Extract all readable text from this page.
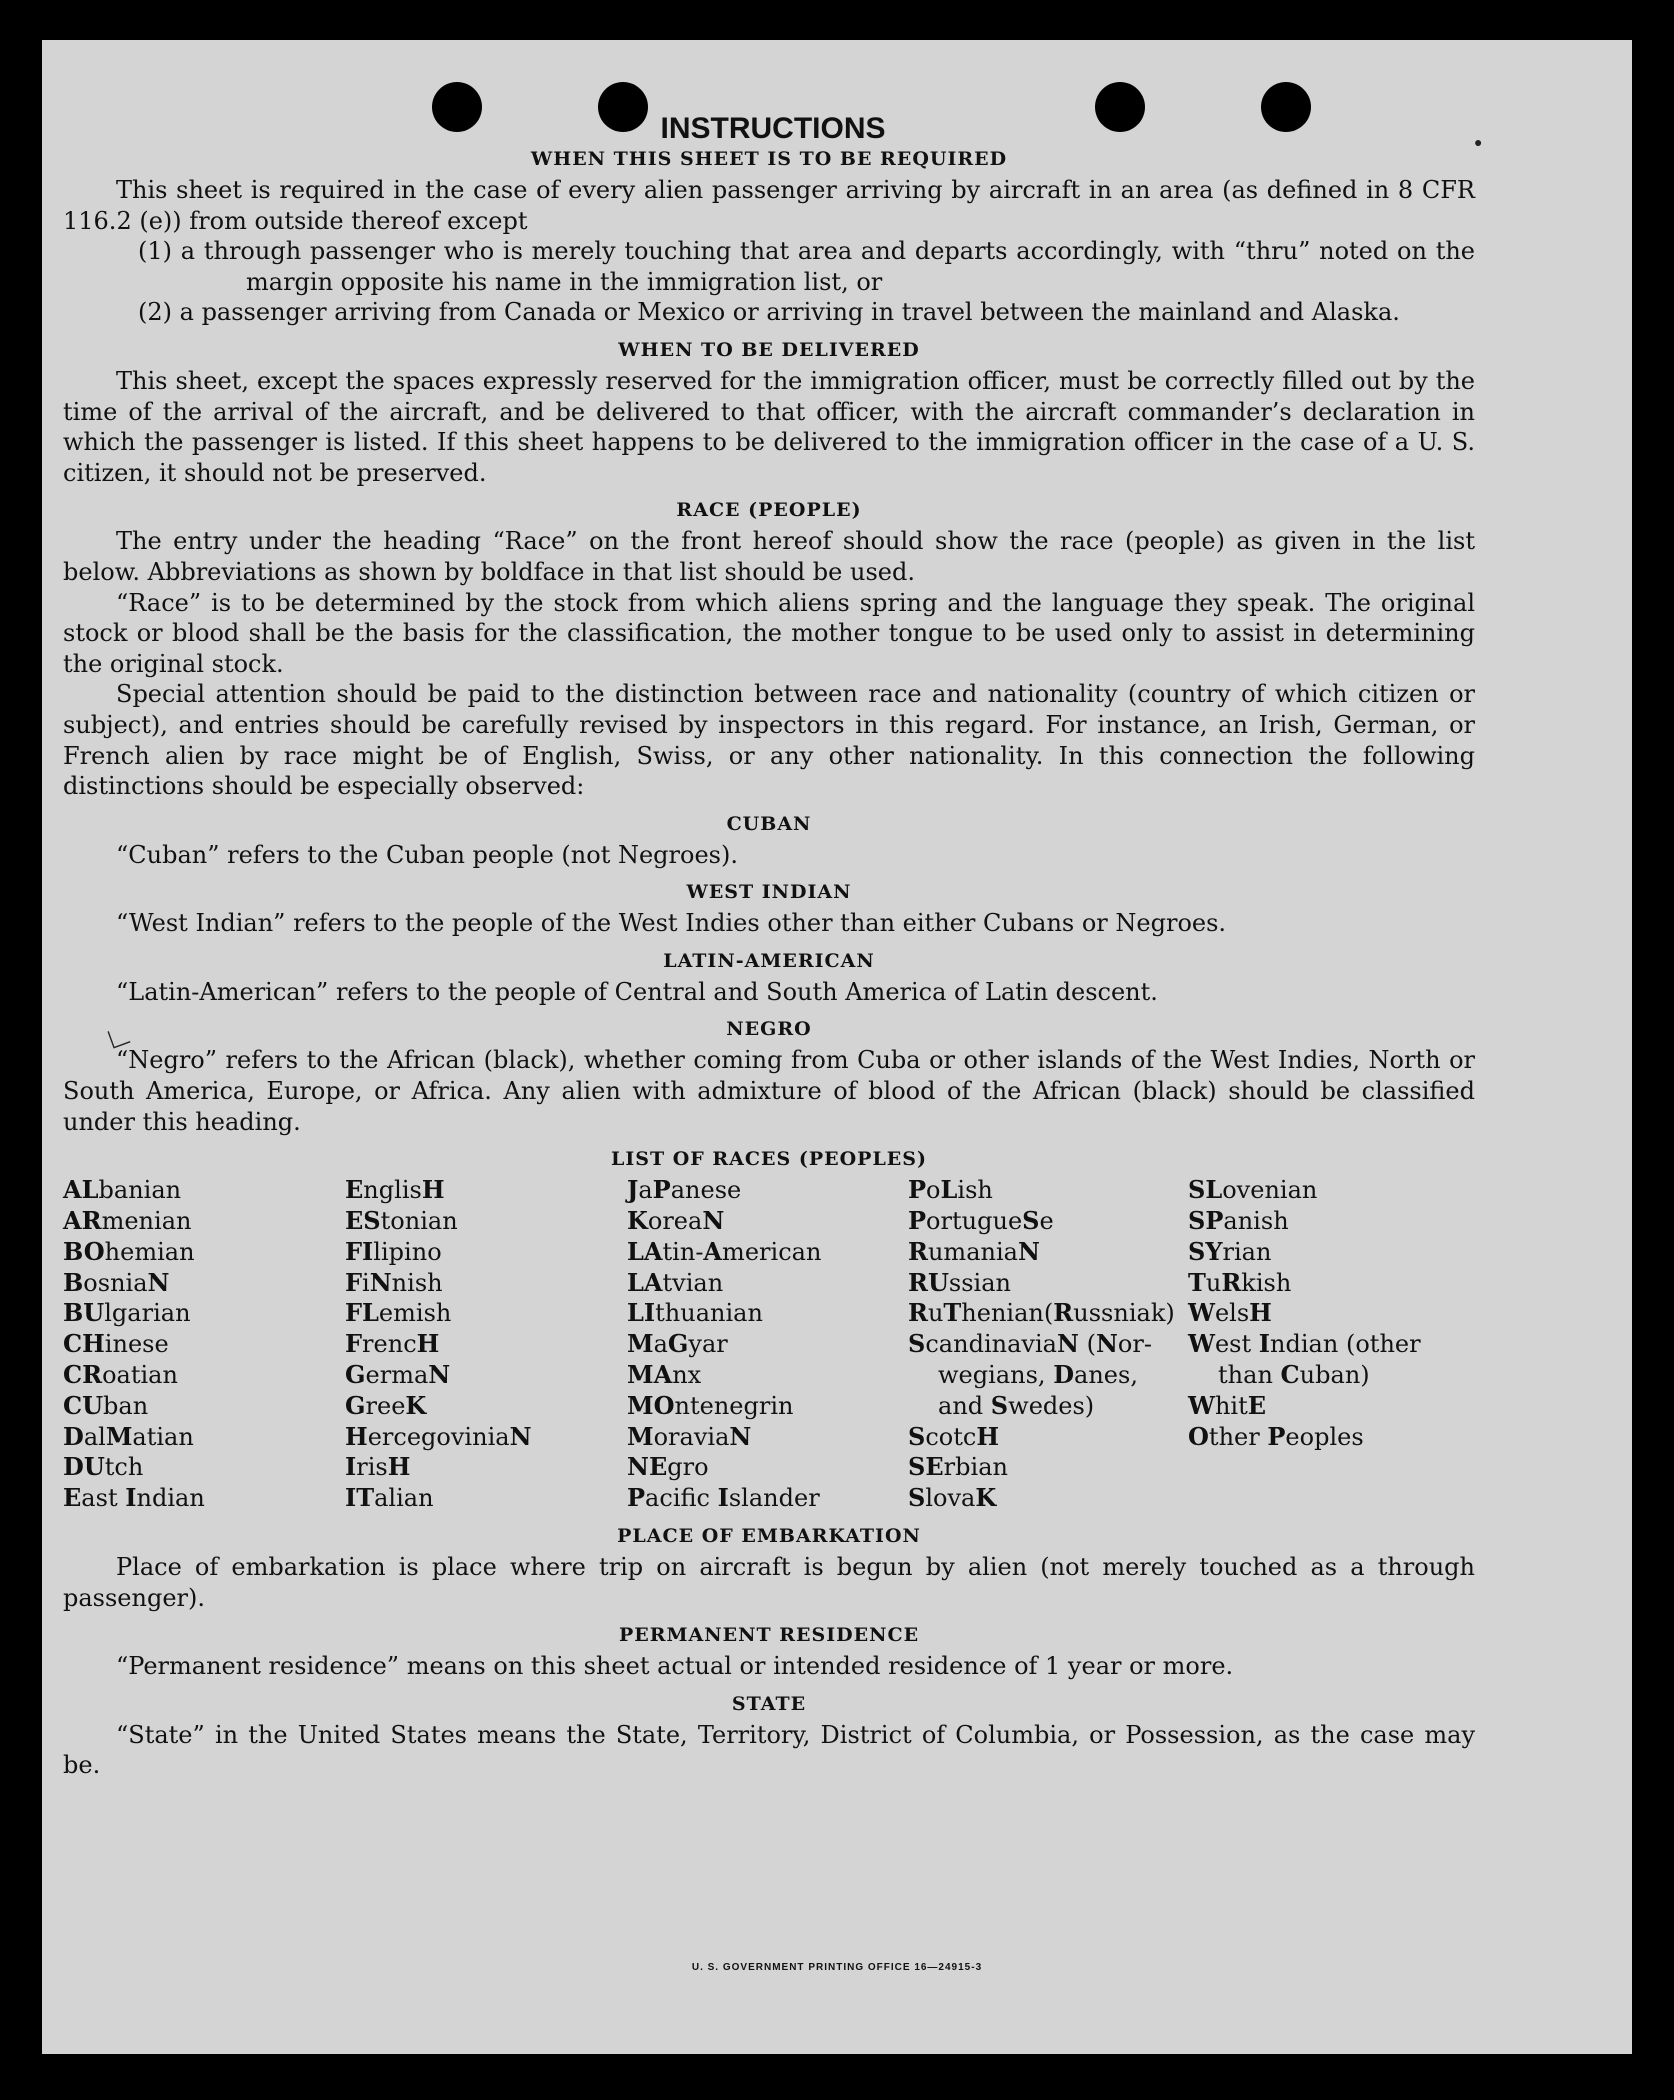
●
∟
INSTRUCTIONS
WHEN THIS SHEET IS TO BE REQUIRED

This sheet is required in the case of every alien passenger arriving by aircraft in an area (as defined in 8 CFR 116.2 (e)) from outside thereof except

(1) a through passenger who is merely touching that area and departs accordingly, with “thru” noted on the margin opposite his name in the immigration list, or

(2) a passenger arriving from Canada or Mexico or arriving in travel between the mainland and Alaska.

WHEN TO BE DELIVERED

This sheet, except the spaces expressly reserved for the immigration officer, must be correctly filled out by the time of the arrival of the aircraft, and be delivered to that officer, with the aircraft commander’s declaration in which the passenger is listed. If this sheet happens to be delivered to the immigration officer in the case of a U. S. citizen, it should not be preserved.

RACE (PEOPLE)

The entry under the heading “Race” on the front hereof should show the race (people) as given in the list below. Abbreviations as shown by boldface in that list should be used.

“Race” is to be determined by the stock from which aliens spring and the language they speak. The original stock or blood shall be the basis for the classification, the mother tongue to be used only to assist in determining the original stock.

Special attention should be paid to the distinction between race and nationality (country of which citizen or subject), and entries should be carefully revised by inspectors in this regard. For instance, an Irish, German, or French alien by race might be of English, Swiss, or any other nationality. In this connection the following distinctions should be especially observed:

CUBAN

“Cuban” refers to the Cuban people (not Negroes).

WEST INDIAN

“West Indian” refers to the people of the West Indies other than either Cubans or Negroes.

LATIN-AMERICAN

“Latin-American” refers to the people of Central and South America of Latin descent.

NEGRO

“Negro” refers to the African (black), whether coming from Cuba or other islands of the West Indies, North or South America, Europe, or Africa. Any alien with admixture of blood of the African (black) should be classified under this heading.

LIST OF RACES (PEOPLES)
ALbanian
ARmenian
BOhemian
BosniaN
BUlgarian
CHinese
CRoatian
CUban
DalMatian
DUtch
East Indian
EnglisH
EStonian
FIlipino
FiNnish
FLemish
FrencH
GermaN
GreeK
HercegoviniaN
IrisH
ITalian
JaPanese
KoreaN
LAtin-American
LAtvian
LIthuanian
MaGyar
MAnx
MOntenegrin
MoraviaN
NEgro
Pacifc Islander
PoLish
PortugueSe
RumaniaN
RUssian
RuThenian(Russniak)
ScandinaviaN (Nor-
wegians, Danes,
and Swedes)
ScotcH
SErbian
SlovaK
SLovenian
SPanish
SYrian
TuRkish
WelsH
West Indian (other
than Cuban)
WhitE
Other Peoples
PLACE OF EMBARKATION

Place of embarkation is place where trip on aircraft is begun by alien (not merely touched as a through passenger).

PERMANENT RESIDENCE

“Permanent residence” means on this sheet actual or intended residence of 1 year or more.

STATE

“State” in the United States means the State, Territory, District of Columbia, or Possession, as the case may be.

U. S. GOVERNMENT PRINTING OFFICE 16—24915-3
